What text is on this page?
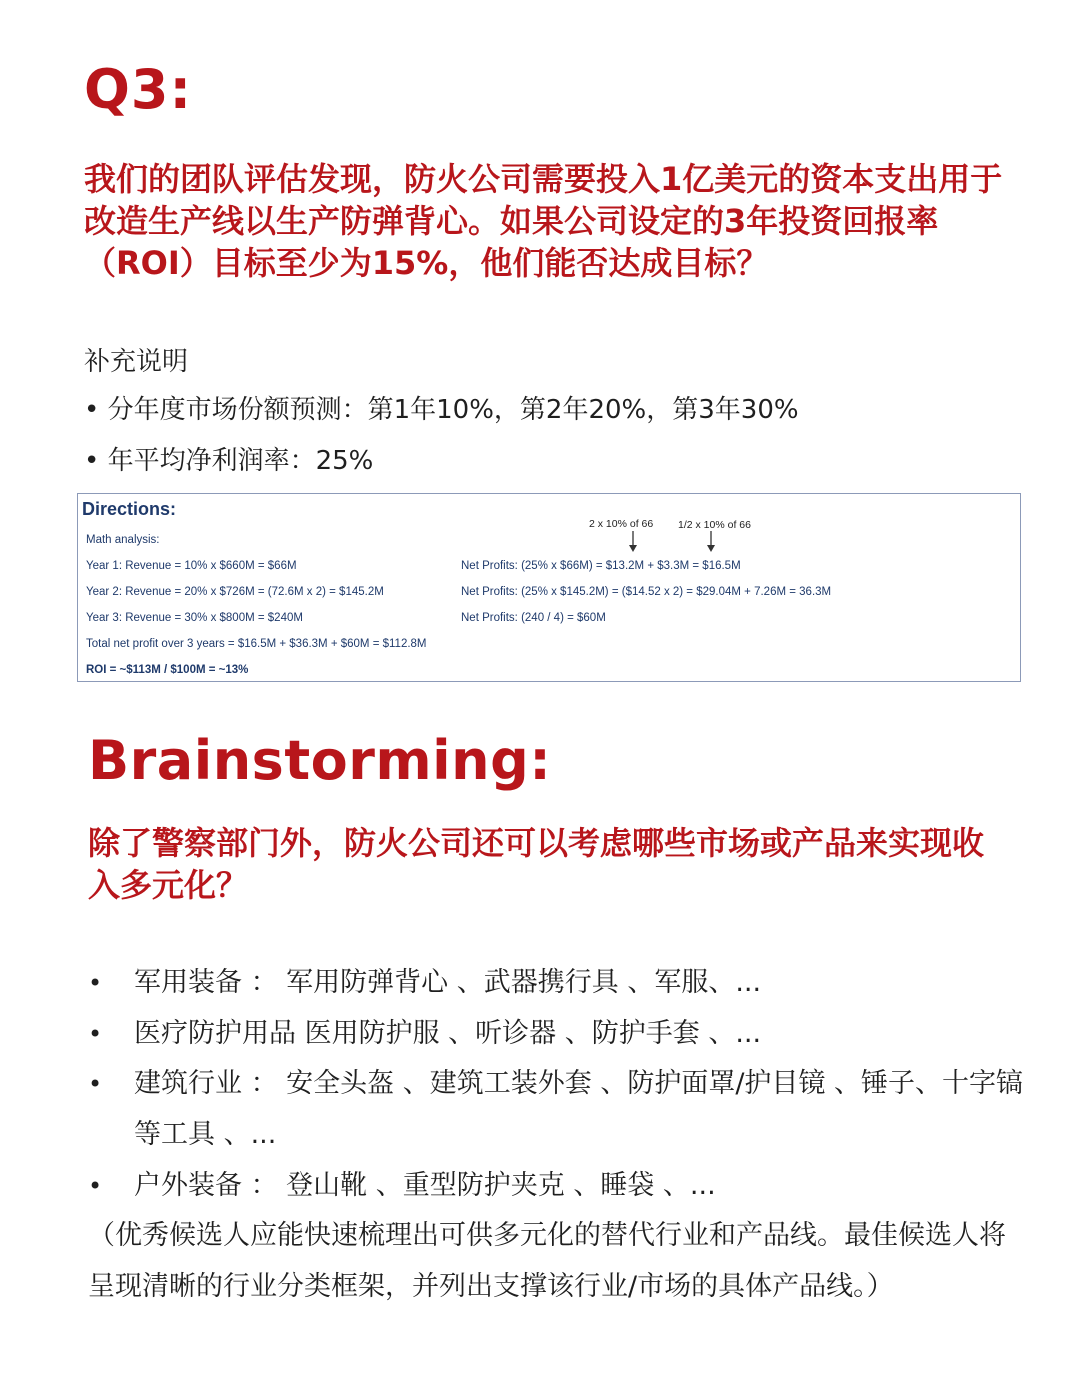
Q3:
我们的团队评估发现，防火公司需要投入1亿美元的资本支出用于改造生产线以生产防弹背心。如果公司设定的3年投资回报率（ROI）目标至少为15%，他们能否达成目标？
补充说明
• 分年度市场份额预测：第1年10%，第2年20%，第3年30%
• 年平均净利润率：25%
Directions:
Math analysis:
2 x 10% of 66 1/2 x 10% of 66
Year 1: Revenue = 10% x $660M = $66M
Year 2: Revenue = 20% x $726M = (72.6M x 2) = $145.2M
Year 3: Revenue = 30% x $800M = $240M
Net Profits: (25% x $66M) = $13.2M + $3.3M = $16.5M
Net Profits: (25% x $145.2M) = ($14.52 x 2) = $29.04M + 7.26M = 36.3M
Net Profits: (240 / 4) = $60M
Total net profit over 3 years = $16.5M + $36.3M + $60M = $112.8M
ROI = ~$113M / $100M = ~13%
Brainstorming:
除了警察部门外，防火公司还可以考虑哪些市场或产品来实现收入多元化？
• 军用装备 ： 军用防弹背心 、武器携行具 、军服、...
• 医疗防护用品 医用防护服 、听诊器 、防护手套 、...
• 建筑行业 ： 安全头盔 、建筑工装外套 、防护面罩/护目镜 、锤子、十字镐等工具 、...
• 户外装备 ： 登山靴 、重型防护夹克 、睡袋 、...
（优秀候选人应能快速梳理出可供多元化的替代行业和产品线。最佳候选人将呈现清晰的行业分类框架，并列出支撑该行业/市场的具体产品线。）
